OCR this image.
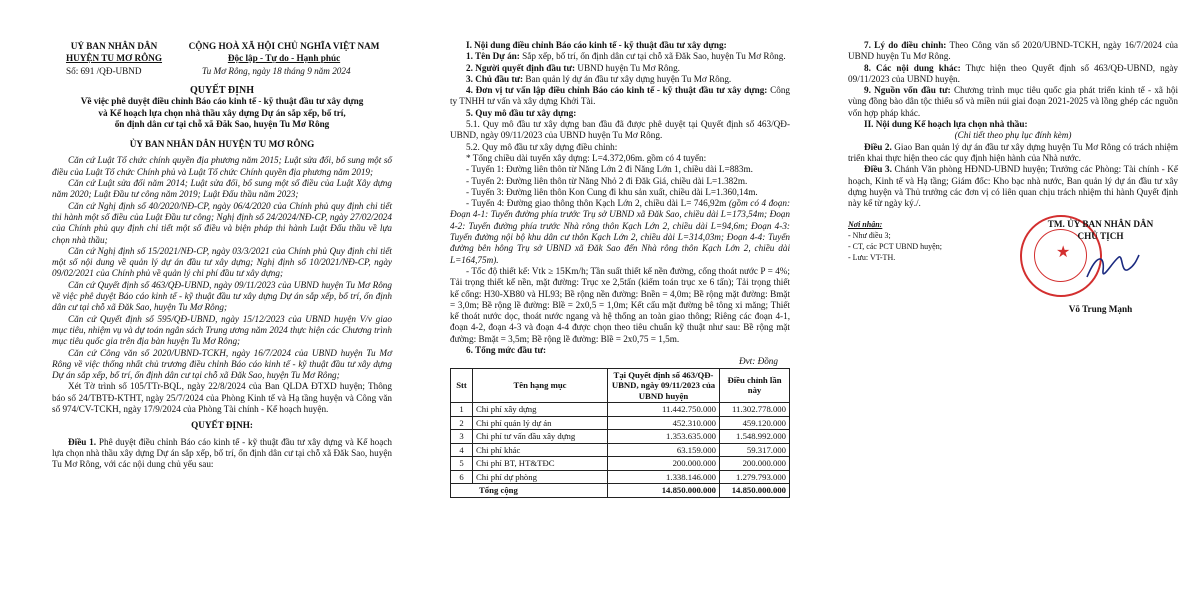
UỶ BAN NHÂN DÂN
HUYỆN TU MƠ RÔNG
CỘNG HOÀ XÃ HỘI CHỦ NGHĨA VIỆT NAM
Độc lập - Tự do - Hạnh phúc
Số: 691 /QĐ-UBND	Tu Mơ Rông, ngày 18 tháng 9 năm 2024

QUYẾT ĐỊNH

Về việc phê duyệt điều chỉnh Báo cáo kinh tế - kỹ thuật đầu tư xây dựng

và Kế hoạch lựa chọn nhà thầu xây dựng Dự án sắp xếp, bố trí,

ổn định dân cư tại chỗ xã Đăk Sao, huyện Tu Mơ Rông

ỦY BAN NHÂN DÂN HUYỆN TU MƠ RÔNG

Căn cứ Luật Tổ chức chính quyền địa phương năm 2015; Luật sửa đổi, bổ sung một số điều của Luật Tổ chức Chính phủ và Luật Tổ chức Chính quyền địa phương năm 2019;

Căn cứ Luật sửa đổi năm 2014; Luật sửa đổi, bổ sung một số điều của Luật Xây dựng năm 2020; Luật Đầu tư công năm 2019; Luật Đấu thầu năm 2023;

Căn cứ Nghị định số 40/2020/NĐ-CP, ngày 06/4/2020 của Chính phủ quy định chi tiết thi hành một số điều của Luật Đầu tư công; Nghị định số 24/2024/NĐ-CP, ngày 27/02/2024 của Chính phủ quy định chi tiết một số điều và biện pháp thi hành Luật Đấu thầu về lựa chọn nhà thầu;

Căn cứ Nghị định số 15/2021/NĐ-CP, ngày 03/3/2021 của Chính phủ Quy định chi tiết một số nội dung về quản lý dự án đầu tư xây dựng; Nghị định số 10/2021/NĐ-CP, ngày 09/02/2021 của Chính phủ về quản lý chi phí đầu tư xây dựng;

Căn cứ Quyết định số 463/QĐ-UBND, ngày 09/11/2023 của UBND huyện Tu Mơ Rông về việc phê duyệt Báo cáo kinh tế - kỹ thuật đầu tư xây dựng Dự án sắp xếp, bố trí, ổn định dân cư tại chỗ xã Đăk Sao, huyện Tu Mơ Rông;

Căn cứ Quyết định số 595/QĐ-UBND, ngày 15/12/2023 của UBND huyện V/v giao mục tiêu, nhiệm vụ và dự toán ngân sách Trung ương năm 2024 thực hiện các Chương trình mục tiêu quốc gia trên địa bàn huyện Tu Mơ Rông;

Căn cứ Công văn số 2020/UBND-TCKH, ngày 16/7/2024 của UBND huyện Tu Mơ Rông về việc thống nhất chủ trương điều chỉnh Báo cáo kinh tế - kỹ thuật đầu tư xây dựng Dự án sắp xếp, bố trí, ổn định dân cư tại chỗ xã Đăk Sao, huyện Tu Mơ Rông;

Xét Tờ trình số 105/TTr-BQL, ngày 22/8/2024 của Ban QLDA ĐTXD huyện; Thông báo số 24/TBTĐ-KTHT, ngày 25/7/2024 của Phòng Kinh tế và Hạ tầng huyện và Công văn số 974/CV-TCKH, ngày 17/9/2024 của Phòng Tài chính - Kế hoạch huyện.

QUYẾT ĐỊNH:

Điều 1. Phê duyệt điều chỉnh Báo cáo kinh tế - kỹ thuật đầu tư xây dựng và Kế hoạch lựa chọn nhà thầu xây dựng Dự án sắp xếp, bố trí, ổn định dân cư tại chỗ xã Đăk Sao, huyện Tu Mơ Rông, với các nội dung chủ yếu sau:

I. Nội dung điều chỉnh Báo cáo kinh tế - kỹ thuật đầu tư xây dựng:

1. Tên Dự án: Sắp xếp, bố trí, ổn định dân cư tại chỗ xã Đăk Sao, huyện Tu Mơ Rông.

2. Người quyết định đầu tư: UBND huyện Tu Mơ Rông.

3. Chủ đầu tư: Ban quản lý dự án đầu tư xây dựng huyện Tu Mơ Rông.

4. Đơn vị tư vấn lập điều chỉnh Báo cáo kinh tế - kỹ thuật đầu tư xây dựng: Công ty TNHH tư vấn và xây dựng Khởi Tài.

5. Quy mô đầu tư xây dựng:

5.1. Quy mô đầu tư xây dựng ban đầu đã được phê duyệt tại Quyết định số 463/QĐ-UBND, ngày 09/11/2023 của UBND huyện Tu Mơ Rông.

5.2. Quy mô đầu tư xây dựng điều chỉnh:

* Tổng chiều dài tuyến xây dựng: L=4.372,06m. gồm có 4 tuyến:

- Tuyến 1: Đường liên thôn từ Năng Lớn 2 đi Năng Lớn 1, chiều dài L=883m.

- Tuyến 2: Đường liên thôn từ Năng Nhỏ 2 đi Đăk Giá, chiều dài L=1.382m.

- Tuyến 3: Đường liên thôn Kon Cung đi khu sản xuất, chiều dài L=1.360,14m.

- Tuyến 4: Đường giao thông thôn Kạch Lớn 2, chiều dài L= 746,92m (gồm có 4 đoạn: Đoạn 4-1: Tuyến đường phía trước Trụ sở UBND xã Đăk Sao, chiều dài L=173,54m; Đoạn 4-2: Tuyến đường phía trước Nhà rông thôn Kạch Lớn 2, chiều dài L=94,6m; Đoạn 4-3: Tuyến đường nội bộ khu dân cư thôn Kạch Lớn 2, chiều dài L=314,03m; Đoạn 4-4: Tuyến đường bên hông Trụ sở UBND xã Đăk Sao đến Nhà rông thôn Kạch Lớn 2, chiều dài L=164,75m).

- Tốc độ thiết kế: Vtk ≥ 15Km/h; Tần suất thiết kế nền đường, cống thoát nước P = 4%; Tải trọng thiết kế nền, mặt đường: Trục xe 2,5tấn (kiểm toán trục xe 6 tấn); Tải trọng thiết kế cống: H30-XB80 và HL93; Bề rộng nền đường: Bnền = 4,0m; Bề rộng mặt đường: Bmặt = 3,0m; Bề rộng lề đường: Blề = 2x0,5 = 1,0m; Kết cấu mặt đường bê tông xi măng; Thiết kế thoát nước dọc, thoát nước ngang và hệ thống an toàn giao thông; Riêng các đoạn 4-1, đoạn 4-2, đoạn 4-3 và đoạn 4-4 được chọn theo tiêu chuẩn kỹ thuật như sau: Bề rộng mặt đường: Bmặt = 3,5m; Bề rộng lề đường: Blề = 2x0,75 = 1,5m.

6. Tổng mức đầu tư:

Đvt: Đồng

Stt	Tên hạng mục	Tại Quyết định số 463/QĐ-UBND, ngày 09/11/2023 của UBND huyện	Điều chỉnh lần này
1	Chi phí xây dựng	11.442.750.000	11.302.778.000
2	Chi phí quản lý dự án	452.310.000	459.120.000
3	Chi phí tư vấn đầu xây dựng	1.353.635.000	1.548.992.000
4	Chi phí khác	63.159.000	59.317.000
5	Chi phí BT, HT&TĐC	200.000.000	200.000.000
6	Chi phí dự phòng	1.338.146.000	1.279.793.000
Tổng cộng		14.850.000.000	14.850.000.000

7. Lý do điều chỉnh: Theo Công văn số 2020/UBND-TCKH, ngày 16/7/2024 của UBND huyện Tu Mơ Rông.

8. Các nội dung khác: Thực hiện theo Quyết định số 463/QĐ-UBND, ngày 09/11/2023 của UBND huyện.

9. Nguồn vốn đầu tư: Chương trình mục tiêu quốc gia phát triển kinh tế - xã hội vùng đồng bào dân tộc thiểu số và miền núi giai đoạn 2021-2025 và lồng ghép các nguồn vốn hợp pháp khác.

II. Nội dung Kế hoạch lựa chọn nhà thầu:

(Chi tiết theo phụ lục đính kèm)

Điều 2. Giao Ban quản lý dự án đầu tư xây dựng huyện Tu Mơ Rông có trách nhiệm triển khai thực hiện theo các quy định hiện hành của Nhà nước.

Điều 3. Chánh Văn phòng HĐND-UBND huyện; Trưởng các Phòng: Tài chính - Kế hoạch, Kinh tế và Hạ tầng; Giám đốc: Kho bạc nhà nước, Ban quản lý dự án đầu tư xây dựng huyện và Thủ trưởng các đơn vị có liên quan chịu trách nhiệm thi hành Quyết định này kể từ ngày ký./.

Nơi nhận:
- Như điều 3;
- CT, các PCT UBND huyện;
- Lưu: VT-TH.	★
TM. ỦY BAN NHÂN DÂN
CHỦ TỊCH
Võ Trung Mạnh
